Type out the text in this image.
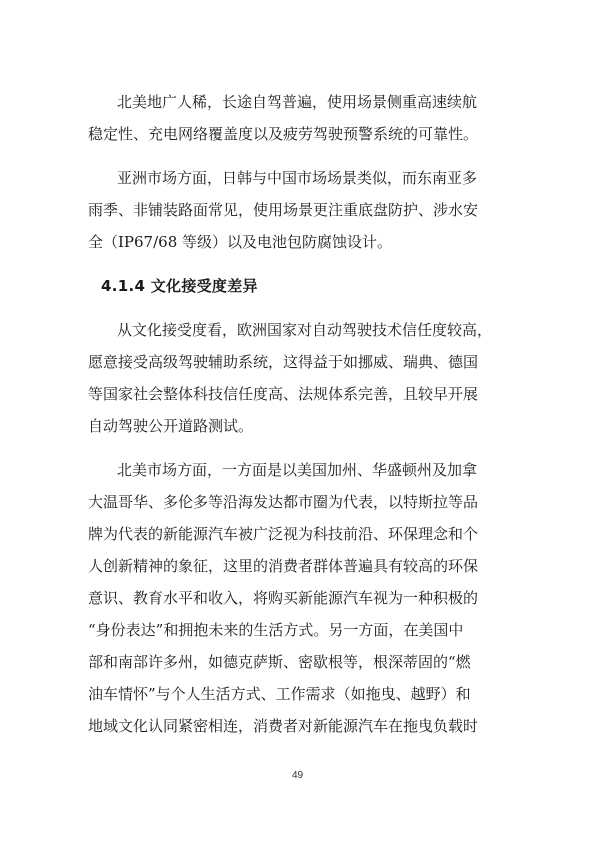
北美地广人稀，长途自驾普遍，使用场景侧重高速续航
稳定性、充电网络覆盖度以及疲劳驾驶预警系统的可靠性。
亚洲市场方面，日韩与中国市场场景类似，而东南亚多
雨季、非铺装路面常见，使用场景更注重底盘防护、涉水安
全（IP67/68 等级）以及电池包防腐蚀设计。
4.1.4 文化接受度差异
从文化接受度看，欧洲国家对自动驾驶技术信任度较高，
愿意接受高级驾驶辅助系统，这得益于如挪威、瑞典、德国
等国家社会整体科技信任度高、法规体系完善，且较早开展
自动驾驶公开道路测试。
北美市场方面，一方面是以美国加州、华盛顿州及加拿
大温哥华、多伦多等沿海发达都市圈为代表，以特斯拉等品
牌为代表的新能源汽车被广泛视为科技前沿、环保理念和个
人创新精神的象征，这里的消费者群体普遍具有较高的环保
意识、教育水平和收入，将购买新能源汽车视为一种积极的
“身份表达”和拥抱未来的生活方式。另一方面，在美国中
部和南部许多州，如德克萨斯、密歇根等，根深蒂固的“燃
油车情怀”与个人生活方式、工作需求（如拖曳、越野）和
地域文化认同紧密相连，消费者对新能源汽车在拖曳负载时
49
